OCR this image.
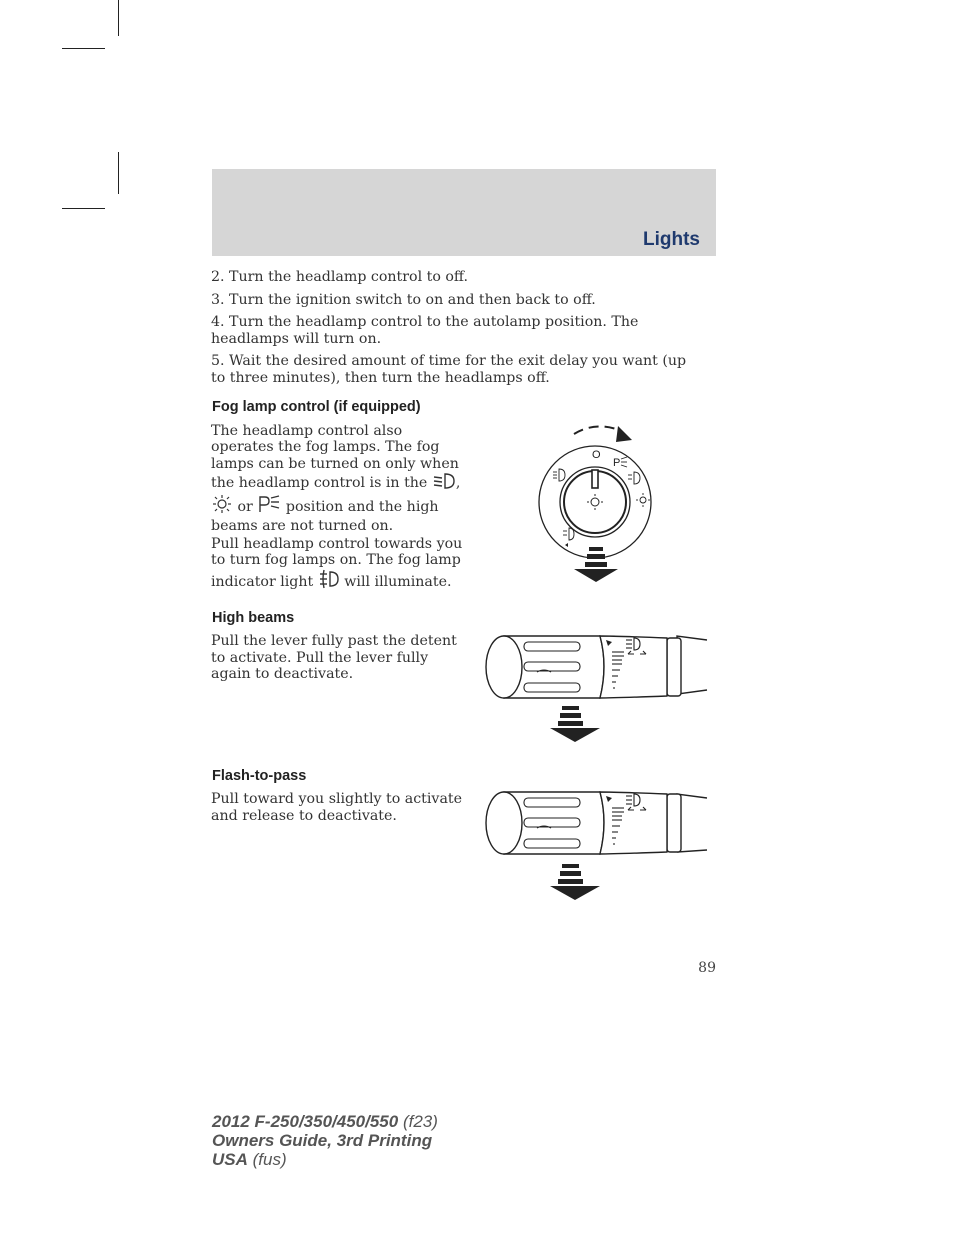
Lights

2. Turn the headlamp control to off.

3. Turn the ignition switch to on and then back to off.

4. Turn the headlamp control to the autolamp position. The headlamps will turn on.

5. Wait the desired amount of time for the exit delay you want (up to three minutes), then turn the headlamps off.

Fog lamp control (if equipped)

The headlamp control also operates the fog lamps. The fog lamps can be turned on only when the headlamp control is in the ,  or position and the high beams are not turned on.

Pull headlamp control towards you to turn fog lamps on. The fog lamp indicator light will illuminate.

O
P
High beams

Pull the lever fully past the detent to activate. Pull the lever fully again to deactivate.

Flash-to-pass

Pull toward you slightly to activate and release to deactivate.

89
2012 F-250/350/450/550 (f23)
Owners Guide, 3rd Printing
USA (fus)
